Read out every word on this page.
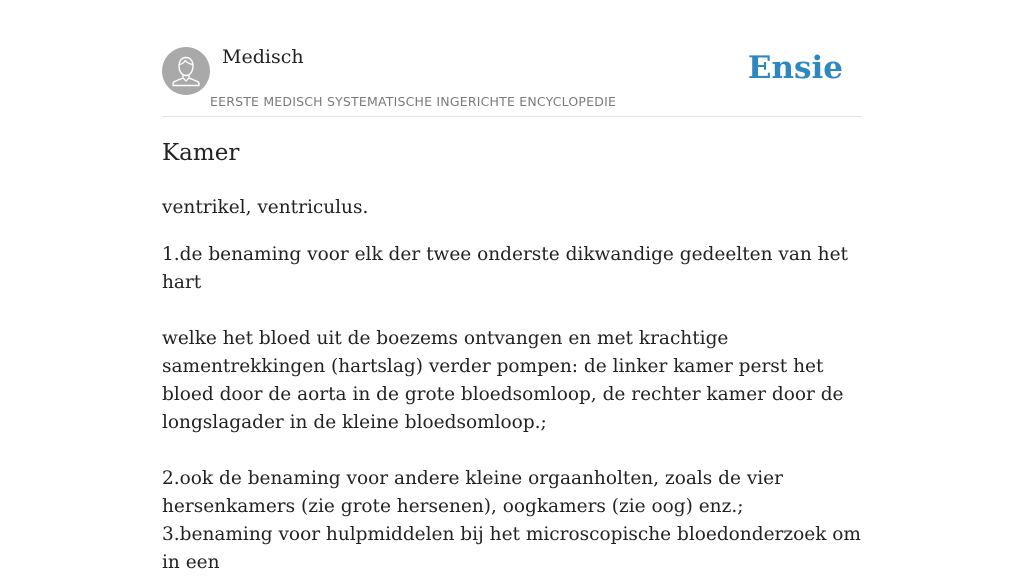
Medisch
EERSTE MEDISCH SYSTEMATISCHE INGERICHTE ENCYCLOPEDIE
Ensie
Kamer

ventrikel, ventriculus.

1.de benaming voor elk der twee onderste dikwandige gedeelten van het hart

welke het bloed uit de boezems ontvangen en met krachtige samentrekkingen (hartslag) verder pompen: de linker kamer perst het bloed door de aorta in de grote bloedsomloop, de rechter kamer door de longslagader in de kleine bloedsomloop.;

2.ook de benaming voor andere kleine orgaanholten, zoals de vier hersenkamers (zie grote hersenen), oogkamers (zie oog) enz.;

3.benaming voor hulpmiddelen bij het microscopische bloedonderzoek om in een
